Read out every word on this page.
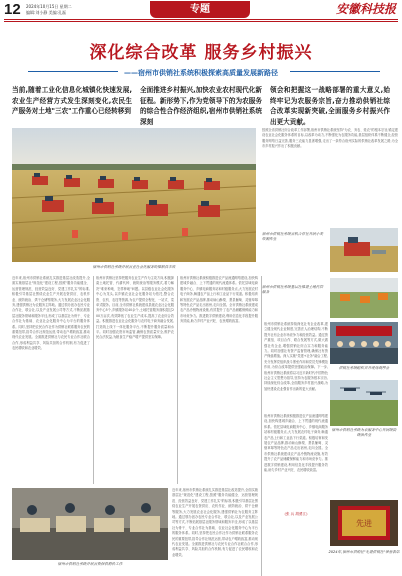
12 2024年10月15日 星期二
编辑:刘小静 美编:孔磊	专题	安徽科技报
深化综合改革 服务乡村振兴
——宿州市供销社系统积极探索高质量发展新路径
当前,随着工业化信息化城镇化快速发展,农业生产经营方式发生深刻变化,农民生产服务对土地"三农"工作重心已经转移到
全面推进乡村振兴,加快农业农村现代化新征程。新形势下,作为党领导下的为农服务的综合性合作经济组织,宿州市供销社系统深刻
领会和把握这一战略部署的重大意义,始终牢记为农服务宗旨,奋力推动供销社综合改革实现新突破,全面服务乡村振兴作出更大贡献。
宿州市供销社系统开展农业社会化服务助推粮食丰收
按照全省供销社综合改革工作部署,宿州市供销社系统坚持"为农、务农、姓农"的根本宗旨,锚定建设农业社会化服务体系的目标,以改革为动力,不断强化为农服务功能,基层组织体系不断健全,经营服务网络日益完善,服务三农能力显著增强,走出了一条符合宿州实际的供销社改革发展之路,为全市乡村振兴作出了积极贡献。
宿州市供销社系统农机合作社开展小麦收割作业
宿州市供销社系统基层社推进土地托管服务
近年来,宿州市供销社系统扎实推进基层社改造提升,全面实施基层社"规范化"建设工程,按照"服务功能健全、运营管理规范、经营效益良好、党建工作扎实"的标准,积极引导基层社围绕农业生产开展农资供应、农机作业、统防统治、烘干仓储等服务,大力发展农业社会化服务,建强供销社为农服务主阵地。通过领办创办农民专业合作社、联合社,以及产业发展公司等方式,不断拓展基层社服务领域和服务半径,形成了以基层社为骨干、专业合作社为基础、农业社会化服务中心为平台的服务体系。同时,坚持把农民合作社作为供销社联系服务农民的重要纽带,指导合作社规范运营,带动农户增收致富,推动现代农业发展。全面推进供销社与农民专业合作社联合合作,形成利益共享、风险共担的合作机制,有力促进了农民增收和农业增效。
宿州市供销社坚持把服务农业生产作为主攻方向,积极探索土地托管、代耕代种、统防统治等服务模式,着力解决"谁来种地、怎样种地"问题。以县级农业社会化服务中心为龙头,以乡镇农业社会化服务站为依托,整合农资、农机、农技等资源,为农户提供全程化、一站式、菜单式服务。目前,全市供销社系统建成县级农业社会化服务中心5个,乡镇服务站40余个,土地托管服务面积超过200万亩次,有效降低了农业生产成本,提高了农业综合效益。积极推进农业社会化服务与农村电子商务融合发展,打造线上线下一体化服务平台,不断提升服务质量和水平。同时加强农资市场监管,确保农资质量安全,维护农民合法权益,为粮食生产稳产增产提供坚实保障。
宿州市供销社系统积极推进农产品流通网络建设,加快构建城乡融合、上下贯通的现代流通体系。依托县域电商服务中心、乡镇电商服务站和村级服务点,大力发展农村电子商务,畅通农产品上行和工业品下行渠道。积极培育和发展农产品品牌,推动砀山酥梨、萧县葡萄、灵璧草莓等特色农产品走出宿州,走向全国。全市供销社系统建成农产品冷链物流设施,有效提升了农产品储藏保鲜能力和市场竞争力。推进数字供销建设,利用信息化手段提升服务效能,助力乡村产业兴旺、农民增收致富。
宿州市供销社系统持续深化社有企业改革,建立健全现代企业制度,完善法人治理结构,不断提升社有企业市场竞争力和经营效益。通过资产重组、项目合作、联合发展等方式,做大做强社有企业,增强供销社综合实力和服务能力。同时加强社有资产监督管理,确保社有资产保值增值。深入实施"党建+社务"融合工程,充分发挥党组织战斗堡垒作用和党员先锋模范作用,为综合改革提供坚强政治保障。下一步,宿州市供销社系统将以习近平新时代中国特色社会主义思想为指导,坚持为农服务根本宗旨,持续深化综合改革,全面服务乡村振兴战略,为加快建设农业强省作出新的更大贡献。
供销社系统组织召开现场观摩会
宿州市供销社系统为农服务中心开展统防统治作业
宿州市供销社系统开展农资保供稳价工作
近年来,宿州市供销社系统扎实推进基层社改造提升,全面实施基层社"规范化"建设工程,按照"服务功能健全、运营管理规范、经营效益良好、党建工作扎实"的标准,积极引导基层社围绕农业生产开展农资供应、农机作业、统防统治、烘干仓储等服务,大力发展农业社会化服务,建强供销社为农服务主阵地。通过领办创办农民专业合作社、联合社,以及产业发展公司等方式,不断拓展基层社服务领域和服务半径,形成了以基层社为骨干、专业合作社为基础、农业社会化服务中心为平台的服务体系。同时,坚持把农民合作社作为供销社联系服务农民的重要纽带,指导合作社规范运营,带动农户增收致富,推动现代农业发展。全面推进供销社与农民专业合作社联合合作,形成利益共享、风险共担的合作机制,有力促进了农民增收和农业增效。
宿州市供销社系统积极推进农产品流通网络建设,加快构建城乡融合、上下贯通的现代流通体系。依托县域电商服务中心、乡镇电商服务站和村级服务点,大力发展农村电子商务,畅通农产品上行和工业品下行渠道。积极培育和发展农产品品牌,推动砀山酥梨、萧县葡萄、灵璧草莓等特色农产品走出宿州,走向全国。全市供销社系统建成农产品冷链物流设施,有效提升了农产品储藏保鲜能力和市场竞争力。推进数字供销建设,利用信息化手段提升服务效能,助力乡村产业兴旺、农民增收致富。
(张 兵 胡勇江)
先进
2024年,宿州市供销社"先进供销社"荣誉表彰
